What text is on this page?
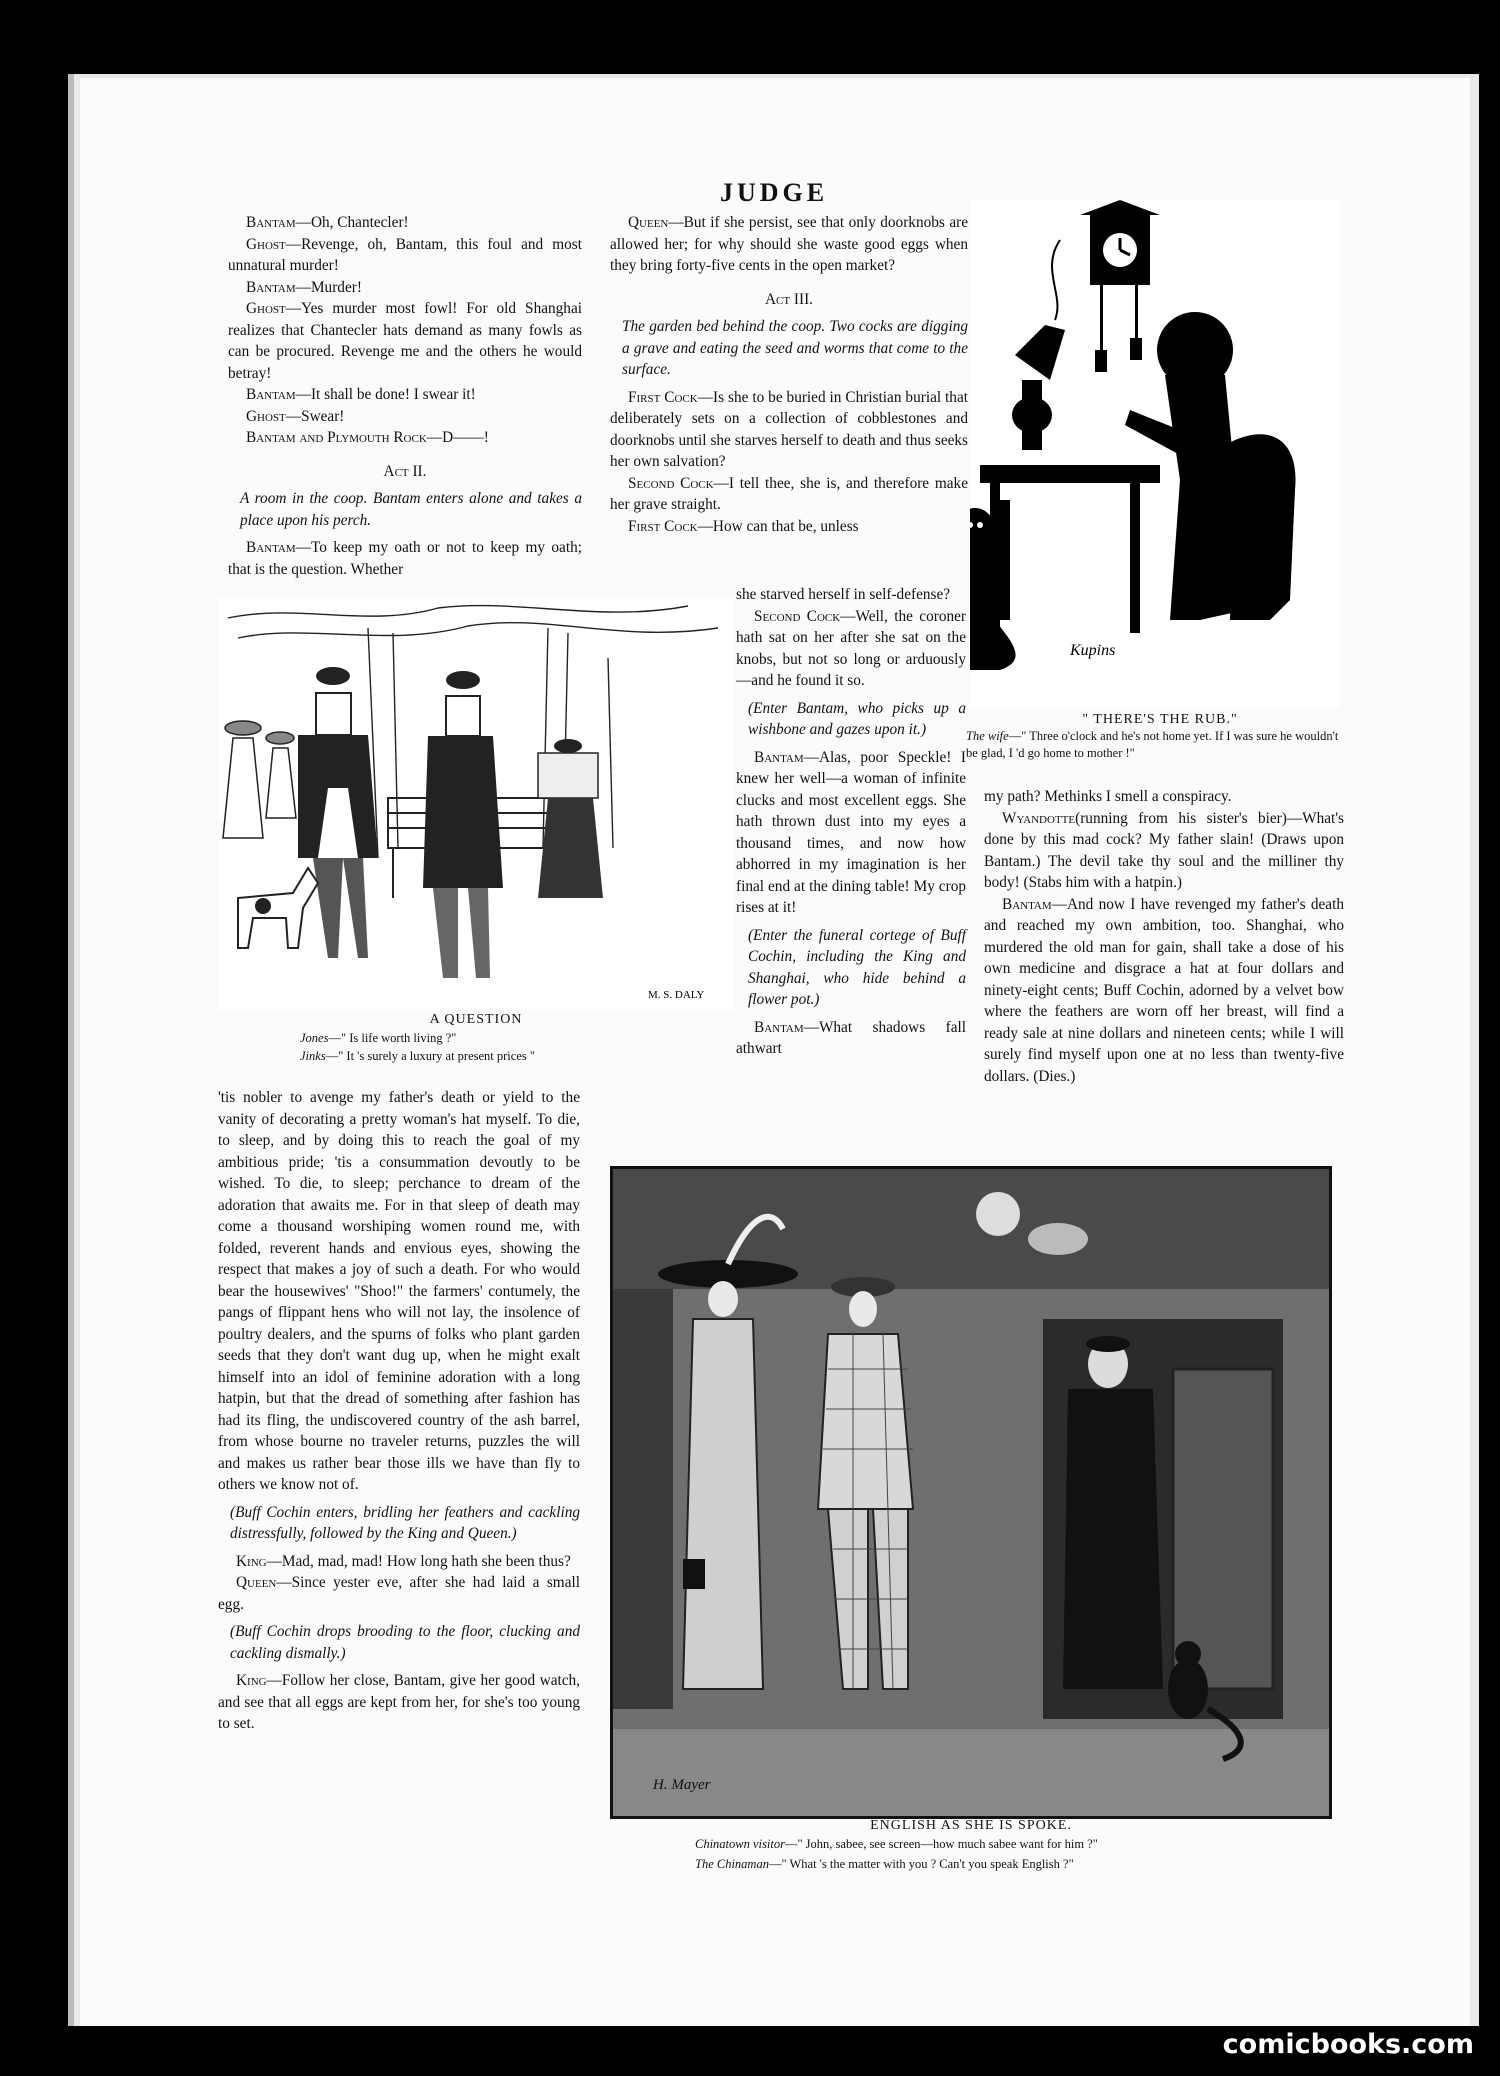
JUDGE

Bantam—Oh, Chantecler!

Ghost—Revenge, oh, Bantam, this foul and most unnatural murder!

Bantam—Murder!

Ghost—Yes murder most fowl! For old Shanghai realizes that Chantecler hats demand as many fowls as can be procured. Revenge me and the others he would betray!

Bantam—It shall be done! I swear it!

Ghost—Swear!

Bantam and Plymouth Rock—D——!

Act II.

A room in the coop. Bantam enters alone and takes a place upon his perch.

Bantam—To keep my oath or not to keep my oath; that is the question. Whether

Queen—But if she persist, see that only doorknobs are allowed her; for why should she waste good eggs when they bring forty-five cents in the open market?

Act III.

The garden bed behind the coop. Two cocks are digging a grave and eating the seed and worms that come to the surface.

First Cock—Is she to be buried in Christian burial that deliberately sets on a collection of cobblestones and doorknobs until she starves herself to death and thus seeks her own salvation?

Second Cock—I tell thee, she is, and therefore make her grave straight.

First Cock—How can that be, unless

she starved herself in self-defense?

Second Cock—Well, the coroner hath sat on her after she sat on the knobs, but not so long or arduously—and he found it so.

(Enter Bantam, who picks up a wishbone and gazes upon it.)

Bantam—Alas, poor Speckle! I knew her well—a woman of infinite clucks and most excellent eggs. She hath thrown dust into my eyes a thousand times, and now how abhorred in my imagination is her final end at the dining table! My crop rises at it!

(Enter the funeral cortege of Buff Cochin, including the King and Shanghai, who hide behind a flower pot.)

Bantam—What shadows fall athwart

my path? Methinks I smell a conspiracy.

Wyandotte(running from his sister's bier)—What's done by this mad cock? My father slain! (Draws upon Bantam.) The devil take thy soul and the milliner thy body! (Stabs him with a hatpin.)

Bantam—And now I have revenged my father's death and reached my own ambition, too. Shanghai, who murdered the old man for gain, shall take a dose of his own medicine and disgrace a hat at four dollars and ninety-eight cents; Buff Cochin, adorned by a velvet bow where the feathers are worn off her breast, will find a ready sale at nine dollars and nineteen cents; while I will surely find myself upon one at no less than twenty-five dollars. (Dies.)

'tis nobler to avenge my father's death or yield to the vanity of decorating a pretty woman's hat myself. To die, to sleep, and by doing this to reach the goal of my ambitious pride; 'tis a consummation devoutly to be wished. To die, to sleep; perchance to dream of the adoration that awaits me. For in that sleep of death may come a thousand worshiping women round me, with folded, reverent hands and envious eyes, showing the respect that makes a joy of such a death. For who would bear the housewives' "Shoo!" the farmers' contumely, the pangs of flippant hens who will not lay, the insolence of poultry dealers, and the spurns of folks who plant garden seeds that they don't want dug up, when he might exalt himself into an idol of feminine adoration with a long hatpin, but that the dread of something after fashion has had its fling, the undiscovered country of the ash barrel, from whose bourne no traveler returns, puzzles the will and makes us rather bear those ills we have than fly to others we know not of.

(Buff Cochin enters, bridling her feathers and cackling distressfully, followed by the King and Queen.)

King—Mad, mad, mad! How long hath she been thus?

Queen—Since yester eve, after she had laid a small egg.

(Buff Cochin drops brooding to the floor, clucking and cackling dismally.)

King—Follow her close, Bantam, give her good watch, and see that all eggs are kept from her, for she's too young to set.

M. S. DALY
A QUESTION
Jones—" Is life worth living ?"
Jinks—" It 's surely a luxury at present prices "
Kupins
" THERE'S THE RUB."
The wife—" Three o'clock and he's not home yet. If I was sure he wouldn't be glad, I 'd go home to mother !"
H. Mayer
ENGLISH AS SHE IS SPOKE.
Chinatown visitor—" John, sabee, see screen—how much sabee want for him ?"
The Chinaman—" What 's the matter with you ? Can't you speak English ?"
comicbooks.com
